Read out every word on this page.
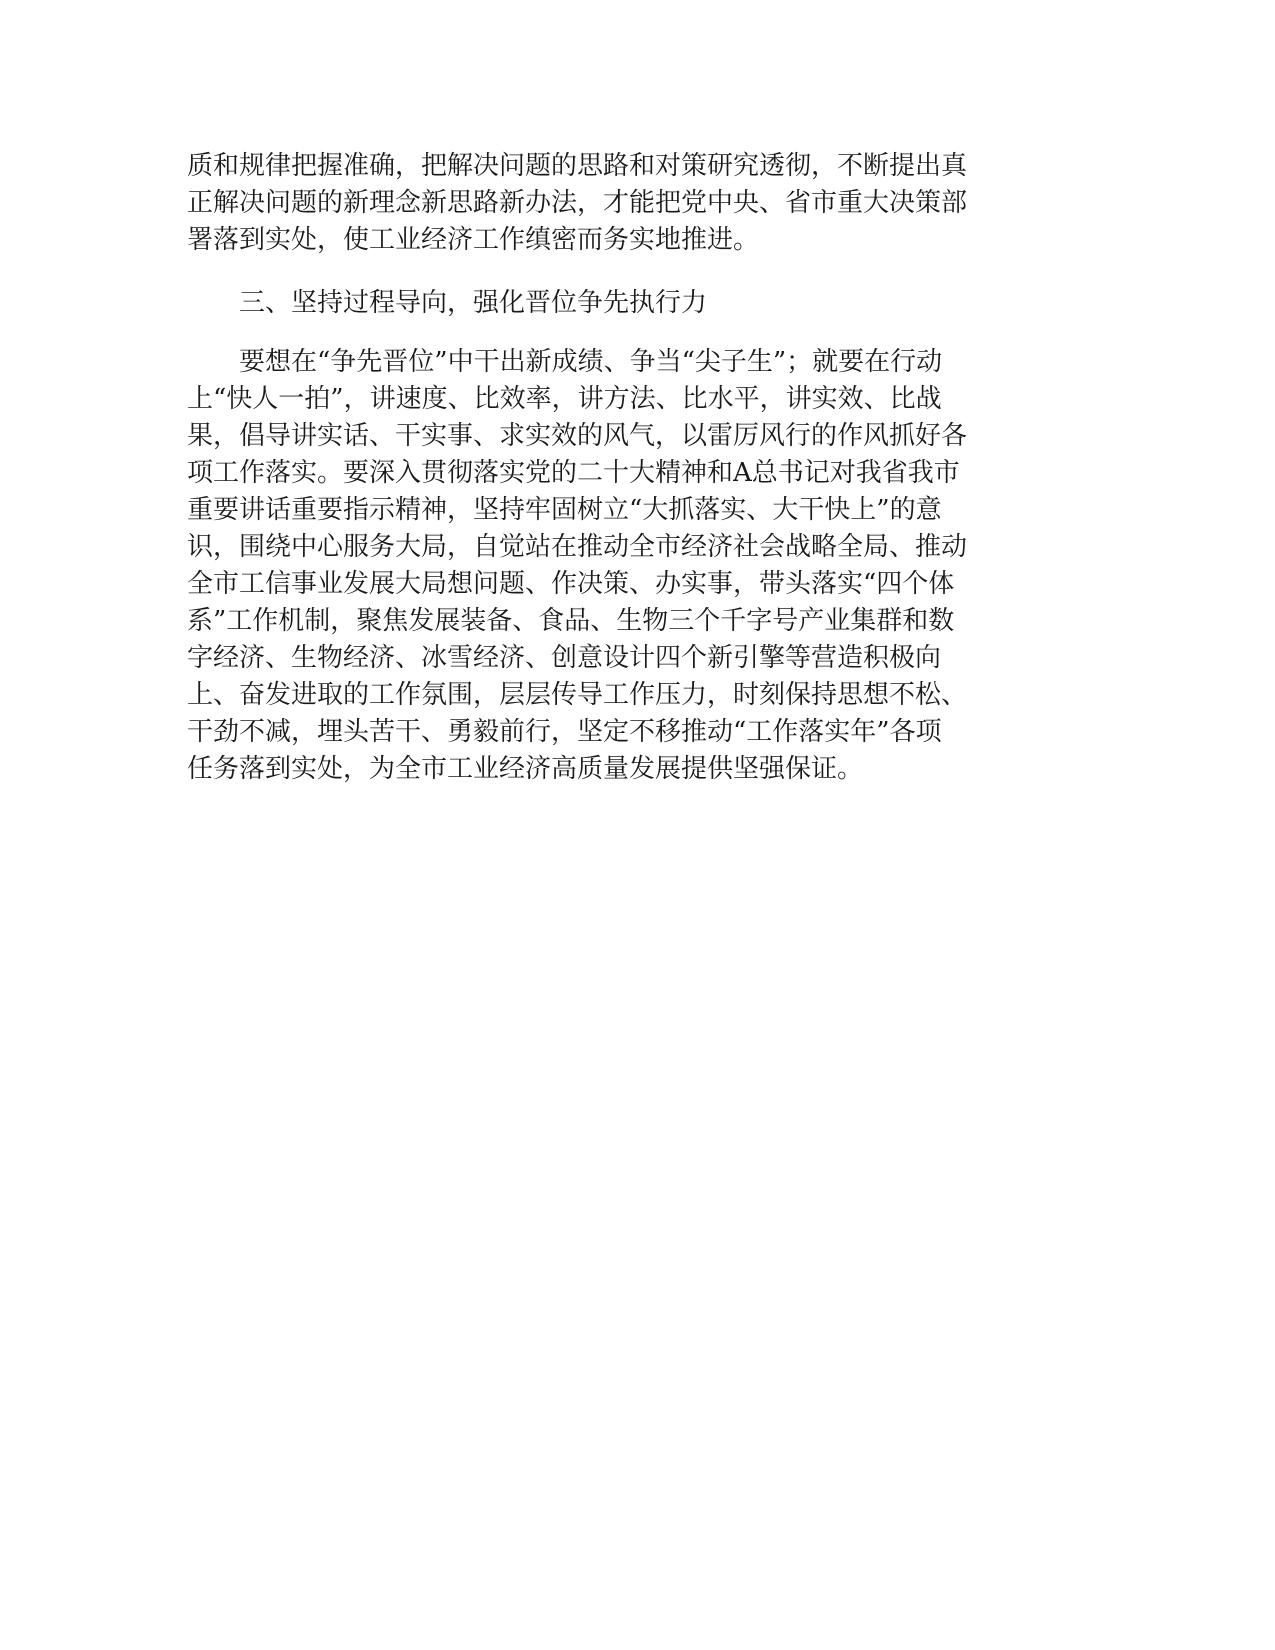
质和规律把握准确，把解决问题的思路和对策研究透彻，不断提出真
正解决问题的新理念新思路新办法，才能把党中央、省市重大决策部
署落到实处，使工业经济工作缜密而务实地推进。
　　三、坚持过程导向，强化晋位争先执行力
　　要想在“争先晋位”中干出新成绩、争当“尖子生”；就要在行动
上“快人一拍”，讲速度、比效率，讲方法、比水平，讲实效、比战
果，倡导讲实话、干实事、求实效的风气，以雷厉风行的作风抓好各
项工作落实。要深入贯彻落实党的二十大精神和A总书记对我省我市
重要讲话重要指示精神，坚持牢固树立“大抓落实、大干快上”的意
识，围绕中心服务大局，自觉站在推动全市经济社会战略全局、推动
全市工信事业发展大局想问题、作决策、办实事，带头落实“四个体
系”工作机制，聚焦发展装备、食品、生物三个千字号产业集群和数
字经济、生物经济、冰雪经济、创意设计四个新引擎等营造积极向
上、奋发进取的工作氛围，层层传导工作压力，时刻保持思想不松、
干劲不减，埋头苦干、勇毅前行，坚定不移推动“工作落实年”各项
任务落到实处，为全市工业经济高质量发展提供坚强保证。
